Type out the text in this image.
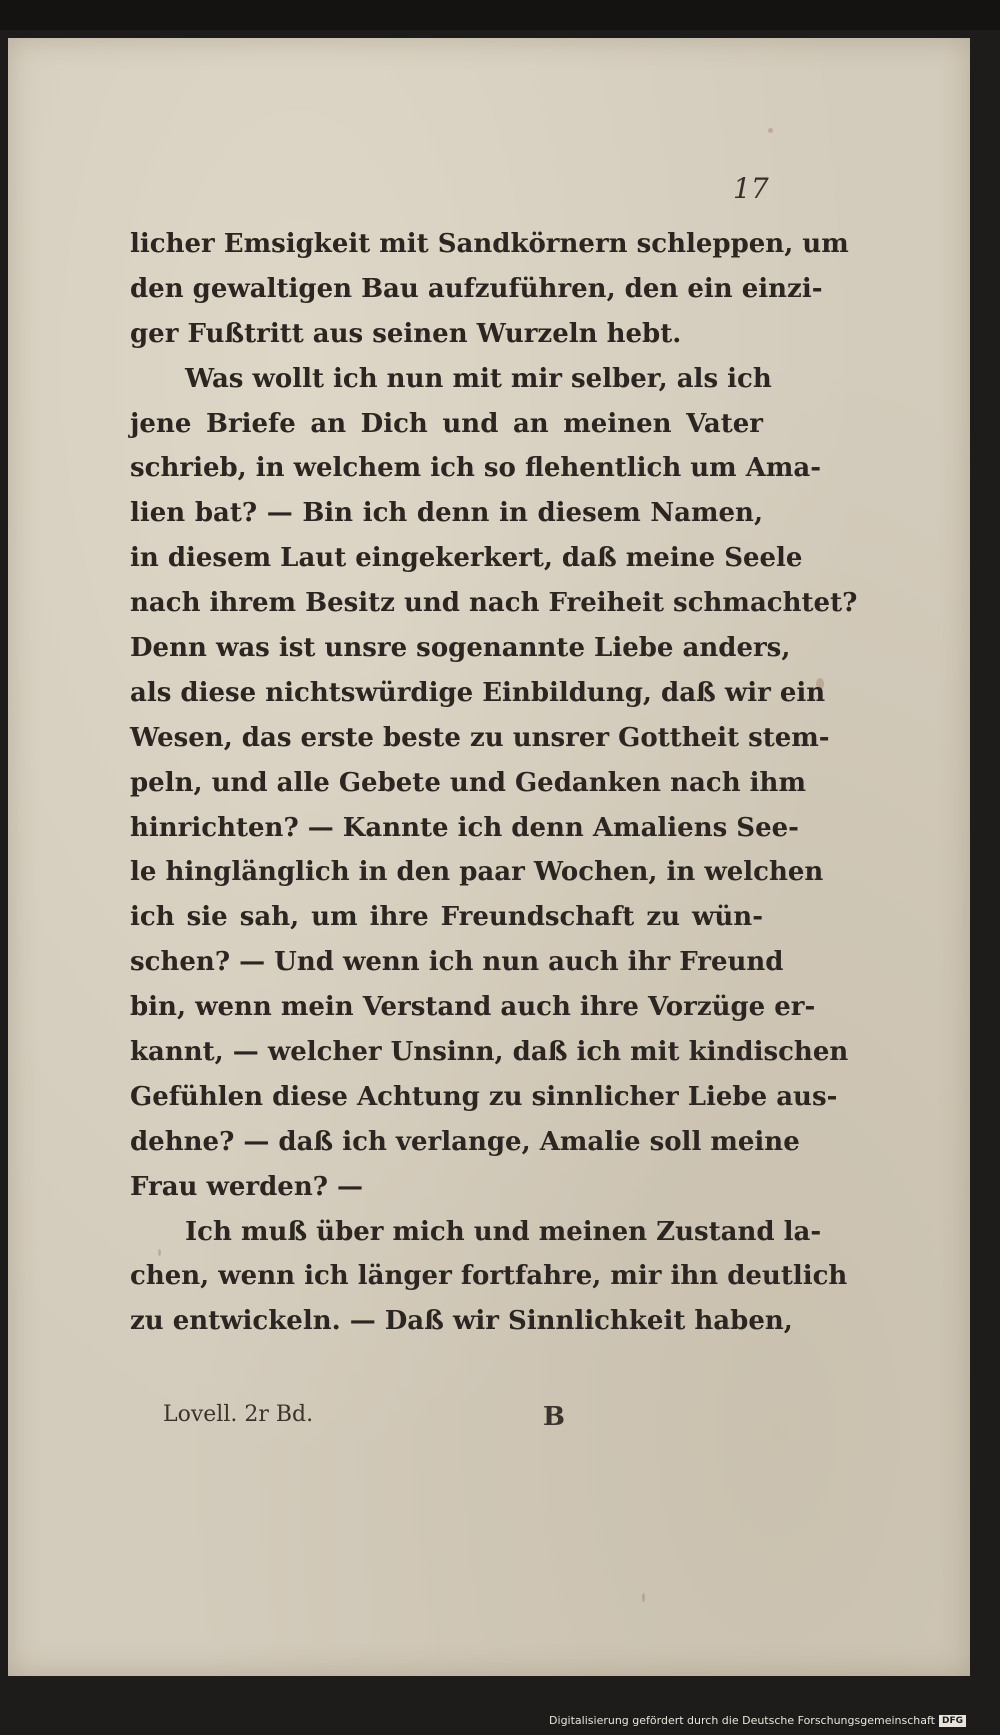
17
licher Emsigkeit mit Sandkörnern schleppen, um
den gewaltigen Bau aufzuführen, den ein einzi-
ger Fußtritt aus seinen Wurzeln hebt.
Was wollt ich nun mit mir selber, als ich
jene Briefe an Dich und an meinen Vater
schrieb, in welchem ich so flehentlich um Ama-
lien bat? — Bin ich denn in diesem Namen,
in diesem Laut eingekerkert, daß meine Seele
nach ihrem Besitz und nach Freiheit schmachtet?
Denn was ist unsre sogenannte Liebe anders,
als diese nichtswürdige Einbildung, daß wir ein
Wesen, das erste beste zu unsrer Gottheit stem-
peln, und alle Gebete und Gedanken nach ihm
hinrichten? — Kannte ich denn Amaliens See-
le hinglänglich in den paar Wochen, in welchen
ich sie sah, um ihre Freundschaft zu wün-
schen? — Und wenn ich nun auch ihr Freund
bin, wenn mein Verstand auch ihre Vorzüge er-
kannt, — welcher Unsinn, daß ich mit kindischen
Gefühlen diese Achtung zu sinnlicher Liebe aus-
dehne? — daß ich verlange, Amalie soll meine
Frau werden? —
Ich muß über mich und meinen Zustand la-
chen, wenn ich länger fortfahre, mir ihn deutlich
zu entwickeln. — Daß wir Sinnlichkeit haben,
Lovell. 2r Bd.	B
Digitalisierung gefördert durch die Deutsche Forschungsgemeinschaft DFG
